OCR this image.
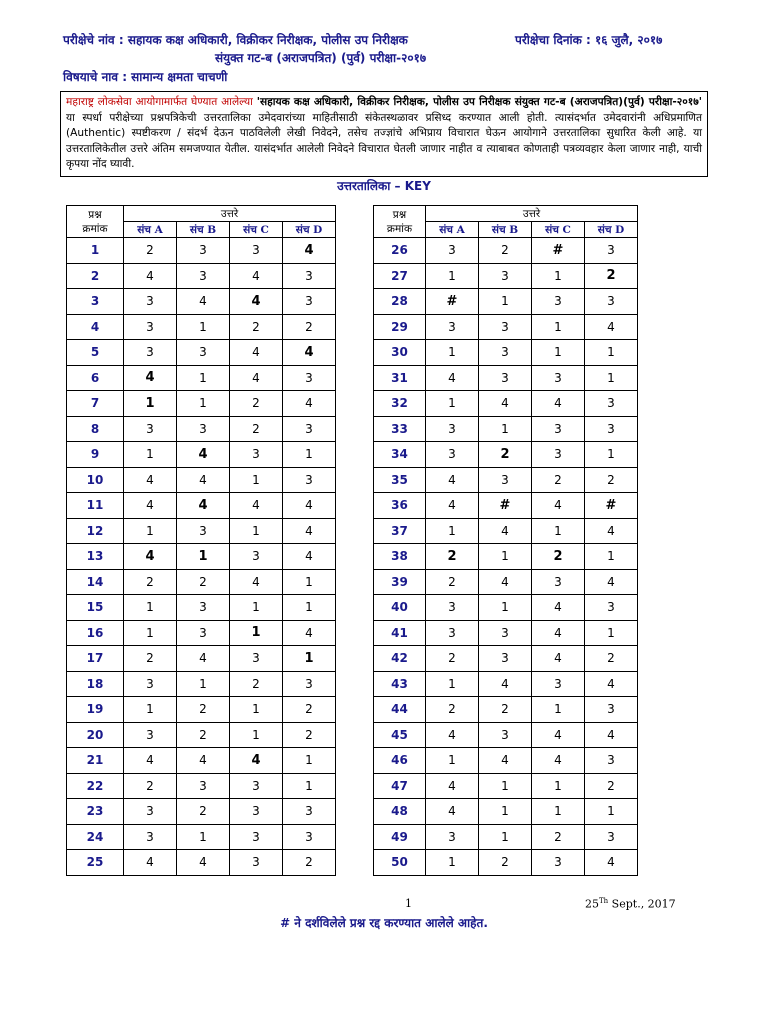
परीक्षेचे नांव : सहायक कक्ष अधिकारी, विक्रीकर निरीक्षक, पोलीस उप निरीक्षक
संयुक्त गट-ब (अराजपत्रित) (पुर्व) परीक्षा-२०१७
परीक्षेचा दिनांक : १६ जुलै, २०१७
विषयाचे नाव : सामान्य क्षमता चाचणी
महाराष्ट्र लोकसेवा आयोगामार्फत घेण्यात आलेल्या 'सहायक कक्ष अधिकारी, विक्रीकर निरीक्षक, पोलीस उप निरीक्षक संयुक्त गट-ब (अराजपत्रित)(पुर्व) परीक्षा-२०१७' या स्पर्धा परीक्षेच्या प्रश्नपत्रिकेची उत्तरतालिका उमेदवारांच्या माहितीसाठी संकेतस्थळावर प्रसिध्द करण्यात आली होती. त्यासंदर्भात उमेदवारांनी अधिप्रमाणित (Authentic) स्पष्टीकरण / संदर्भ देऊन पाठविलेली लेखी निवेदने, तसेच तज्ज्ञांचे अभिप्राय विचारात घेऊन आयोगाने उत्तरतालिका सुधारित केली आहे. या उत्तरतालिकेतील उत्तरे अंतिम समजण्यात येतील. यासंदर्भात आलेली निवेदने विचारात घेतली जाणार नाहीत व त्याबाबत कोणताही पत्रव्यवहार केला जाणार नाही, याची कृपया नोंद घ्यावी.
उत्तरतालिका – KEY
प्रश्न
क्रमांक	उत्तरे			
	संच A	संच B	संच C	संच D
1	2	3	3	4
2	4	3	4	3
3	3	4	4	3
4	3	1	2	2
5	3	3	4	4
6	4	1	4	3
7	1	1	2	4
8	3	3	2	3
9	1	4	3	1
10	4	4	1	3
11	4	4	4	4
12	1	3	1	4
13	4	1	3	4
14	2	2	4	1
15	1	3	1	1
16	1	3	1	4
17	2	4	3	1
18	3	1	2	3
19	1	2	1	2
20	3	2	1	2
21	4	4	4	1
22	2	3	3	1
23	3	2	3	3
24	3	1	3	3
25	4	4	3	2
प्रश्न
क्रमांक	उत्तरे			
	संच A	संच B	संच C	संच D
26	3	2	#	3
27	1	3	1	2
28	#	1	3	3
29	3	3	1	4
30	1	3	1	1
31	4	3	3	1
32	1	4	4	3
33	3	1	3	3
34	3	2	3	1
35	4	3	2	2
36	4	#	4	#
37	1	4	1	4
38	2	1	2	1
39	2	4	3	4
40	3	1	4	3
41	3	3	4	1
42	2	3	4	2
43	1	4	3	4
44	2	2	1	3
45	4	3	4	4
46	1	4	4	3
47	4	1	1	2
48	4	1	1	1
49	3	1	2	3
50	1	2	3	4
1	25Th Sept., 2017
# ने दर्शविलेले प्रश्न रद्द करण्यात आलेले आहेत.
